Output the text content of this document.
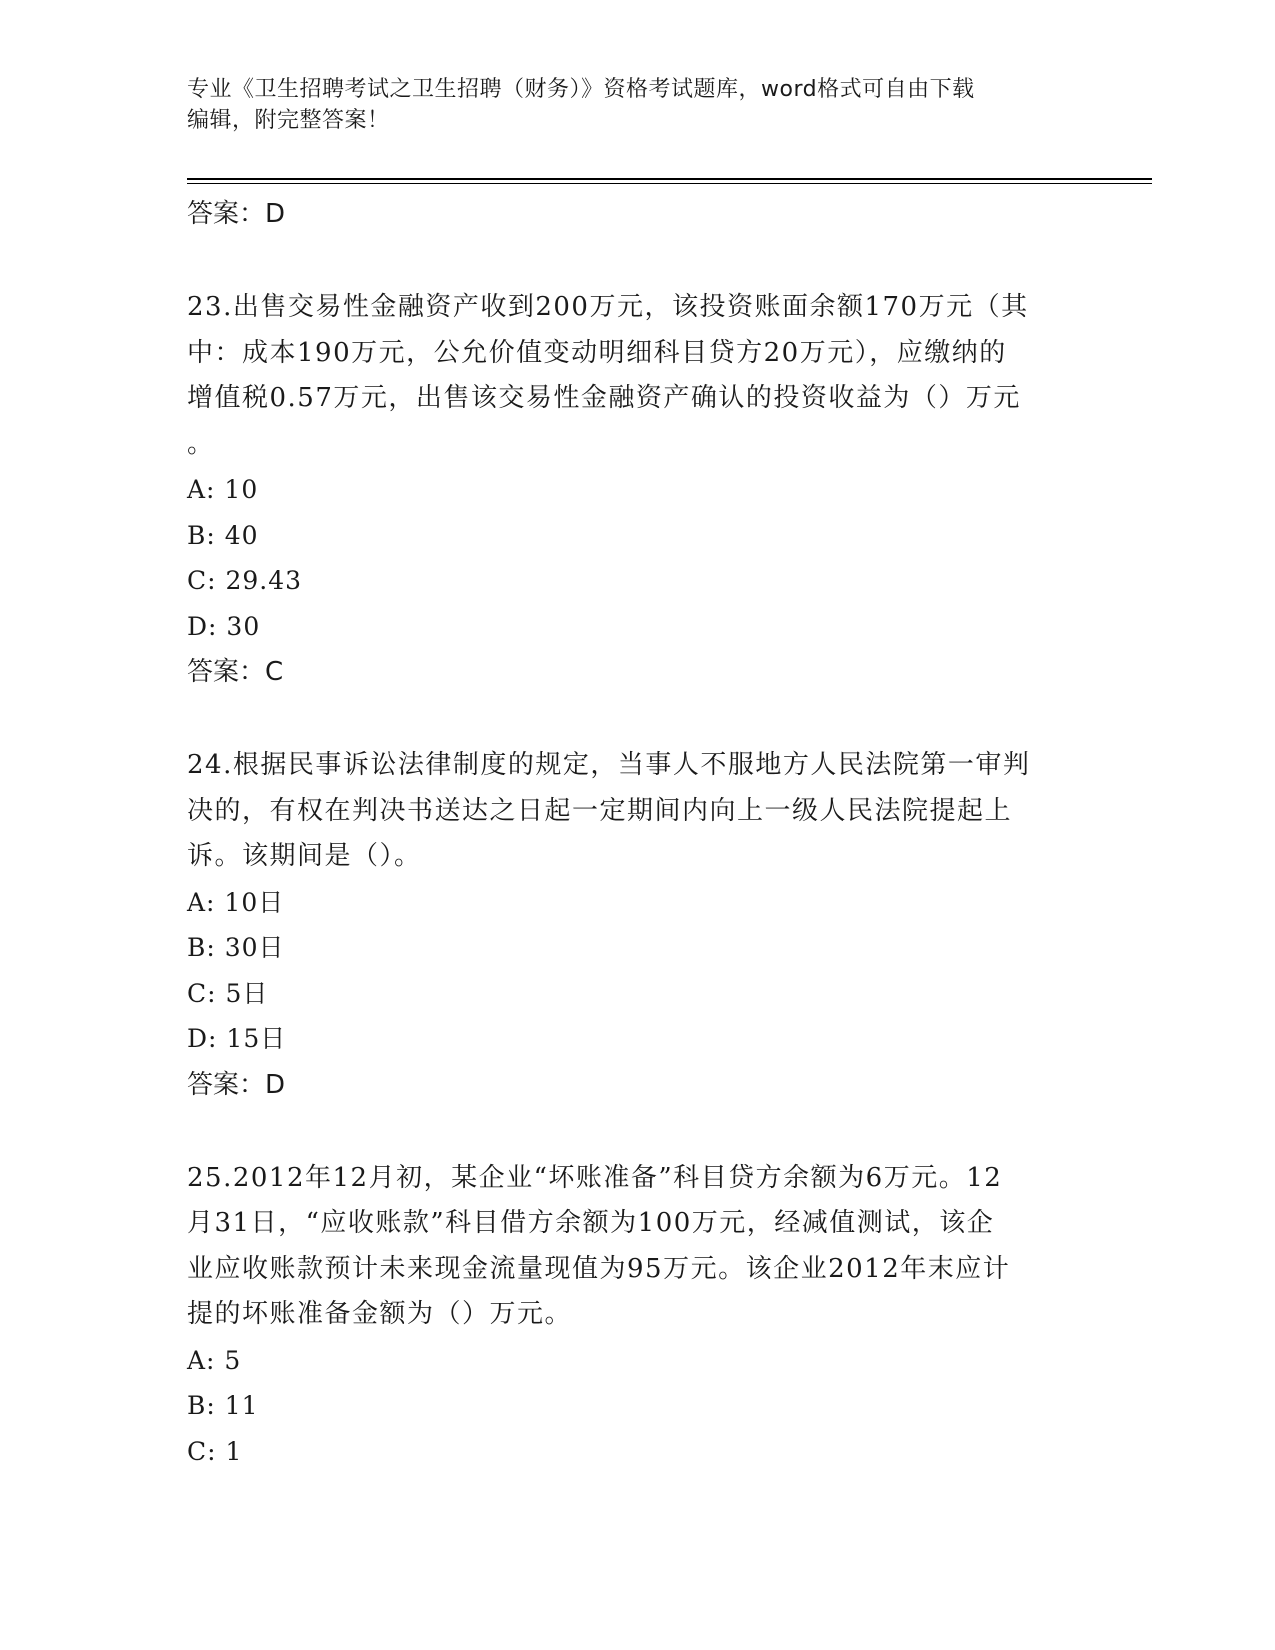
专业《卫生招聘考试之卫生招聘（财务）》资格考试题库，word格式可自由下载
编辑，附完整答案！
答案：D
23.出售交易性金融资产收到200万元，该投资账面余额170万元（其
中：成本190万元，公允价值变动明细科目贷方20万元），应缴纳的
增值税0.57万元，出售该交易性金融资产确认的投资收益为（）万元
。
A: 10
B: 40
C: 29.43
D: 30
答案：C
24.根据民事诉讼法律制度的规定，当事人不服地方人民法院第一审判
决的，有权在判决书送达之日起一定期间内向上一级人民法院提起上
诉。该期间是（）。
A: 10日
B: 30日
C: 5日
D: 15日
答案：D
25.2012年12月初，某企业“坏账准备”科目贷方余额为6万元。12
月31日，“应收账款”科目借方余额为100万元，经减值测试，该企
业应收账款预计未来现金流量现值为95万元。该企业2012年末应计
提的坏账准备金额为（）万元。
A: 5
B: 11
C: 1
